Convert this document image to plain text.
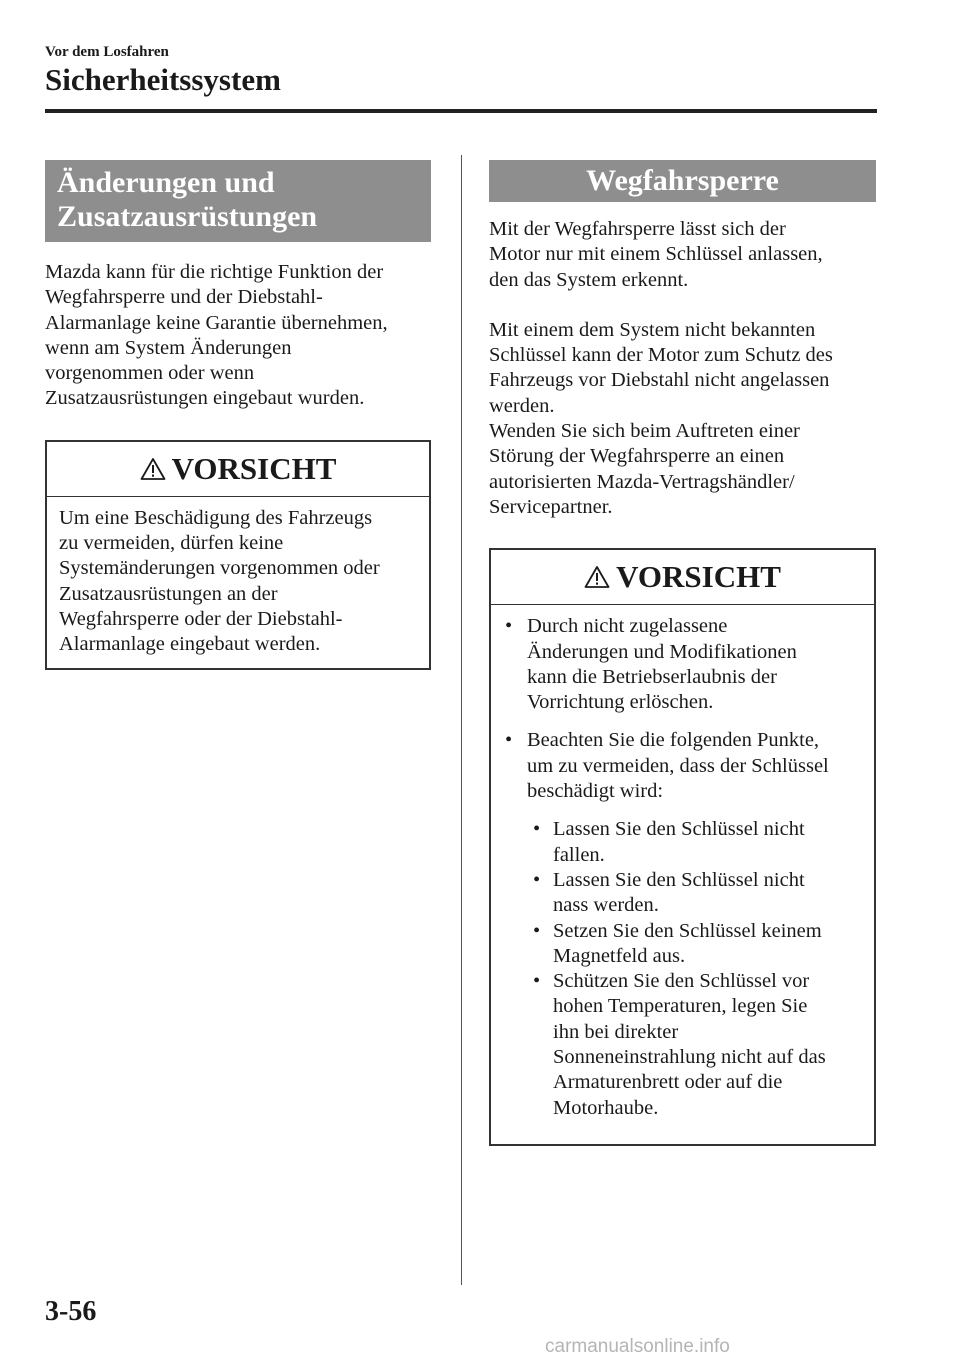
Vor dem Losfahren
Sicherheitssystem
Änderungen und
Zusatzausrüstungen

Mazda kann für die richtige Funktion der
Wegfahrsperre und der Diebstahl-
Alarmanlage keine Garantie übernehmen,
wenn am System Änderungen
vorgenommen oder wenn
Zusatzausrüstungen eingebaut wurden.

VORSICHT
Um eine Beschädigung des Fahrzeugs
zu vermeiden, dürfen keine
Systemänderungen vorgenommen oder
Zusatzausrüstungen an der
Wegfahrsperre oder der Diebstahl-
Alarmanlage eingebaut werden.
Wegfahrsperre

Mit der Wegfahrsperre lässt sich der
Motor nur mit einem Schlüssel anlassen,
den das System erkennt.

Mit einem dem System nicht bekannten
Schlüssel kann der Motor zum Schutz des
Fahrzeugs vor Diebstahl nicht angelassen
werden.
Wenden Sie sich beim Auftreten einer
Störung der Wegfahrsperre an einen
autorisierten Mazda-Vertragshändler/
Servicepartner.

VORSICHT
• Durch nicht zugelassene
Änderungen und Modifikationen
kann die Betriebserlaubnis der
Vorrichtung erlöschen.
• Beachten Sie die folgenden Punkte,
um zu vermeiden, dass der Schlüssel
beschädigt wird:
• Lassen Sie den Schlüssel nicht
fallen.
• Lassen Sie den Schlüssel nicht
nass werden.
• Setzen Sie den Schlüssel keinem
Magnetfeld aus.
• Schützen Sie den Schlüssel vor
hohen Temperaturen, legen Sie
ihn bei direkter
Sonneneinstrahlung nicht auf das
Armaturenbrett oder auf die
Motorhaube.
3-56
carmanualsonline.info
